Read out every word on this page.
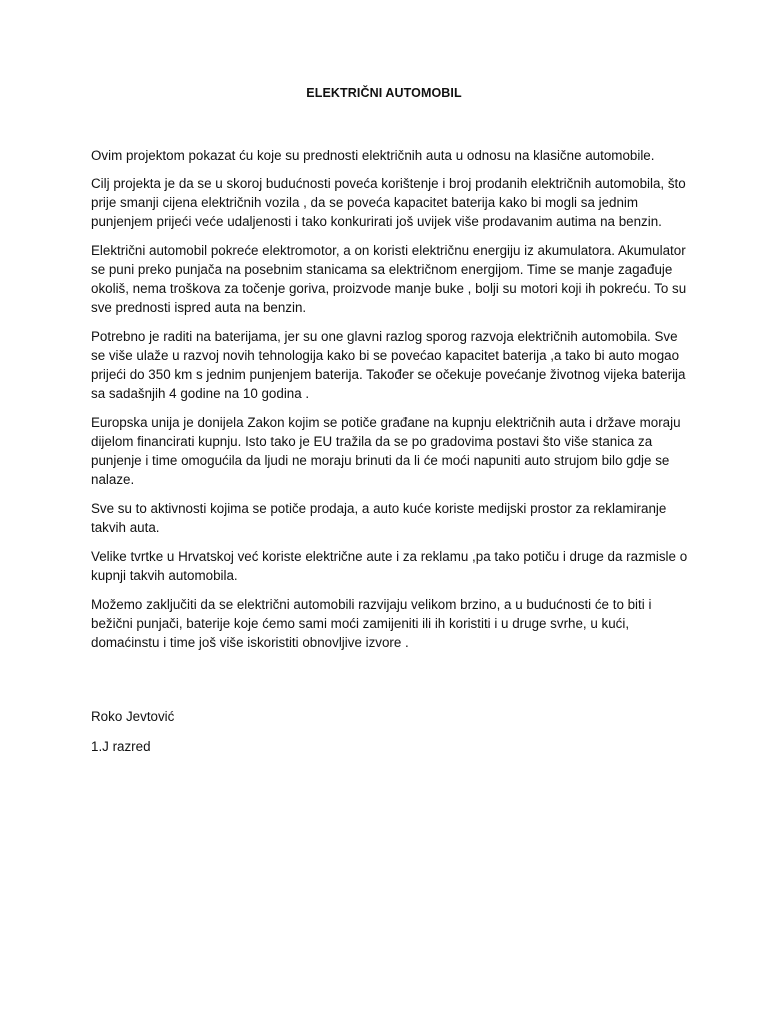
ELEKTRIČNI AUTOMOBIL

Ovim projektom pokazat ću koje su prednosti električnih auta u odnosu na klasične automobile.

Cilj projekta je da se u skoroj budućnosti poveća korištenje i broj prodanih električnih automobila, što prije smanji cijena električnih vozila , da se poveća kapacitet baterija kako bi mogli sa jednim punjenjem prijeći veće udaljenosti i tako konkurirati još uvijek više prodavanim autima na benzin.

Električni automobil pokreće elektromotor, a on koristi električnu energiju iz akumulatora. Akumulator se puni preko punjača na posebnim stanicama sa električnom energijom. Time se manje zagađuje okoliš, nema troškova za točenje goriva, proizvode manje buke , bolji su motori koji ih pokreću. To su sve prednosti ispred auta na benzin.

Potrebno je raditi na baterijama, jer su one glavni razlog sporog razvoja električnih automobila. Sve se više ulaže u razvoj novih tehnologija kako bi se povećao kapacitet baterija ,a tako bi auto mogao prijeći do 350 km s jednim punjenjem baterija. Također se očekuje povećanje životnog vijeka baterija sa sadašnjih 4 godine na 10 godina .

Europska unija je donijela Zakon kojim se potiče građane na kupnju električnih auta i države moraju dijelom financirati kupnju. Isto tako je EU tražila da se po gradovima postavi što više stanica za punjenje i time omogućila da ljudi ne moraju brinuti da li će moći napuniti auto strujom bilo gdje se nalaze.

Sve su to aktivnosti kojima se potiče prodaja, a auto kuće koriste medijski prostor za reklamiranje takvih auta.

Velike tvrtke u Hrvatskoj već koriste električne aute i za reklamu ,pa tako potiču i druge da razmisle o kupnji takvih automobila.

Možemo zaključiti da se električni automobili razvijaju velikom brzino, a u budućnosti će to biti i bežični punjači, baterije koje ćemo sami moći zamijeniti ili ih koristiti i u druge svrhe, u kući, domaćinstu i time još više iskoristiti obnovljive izvore .

Roko Jevtović
1.J razred
